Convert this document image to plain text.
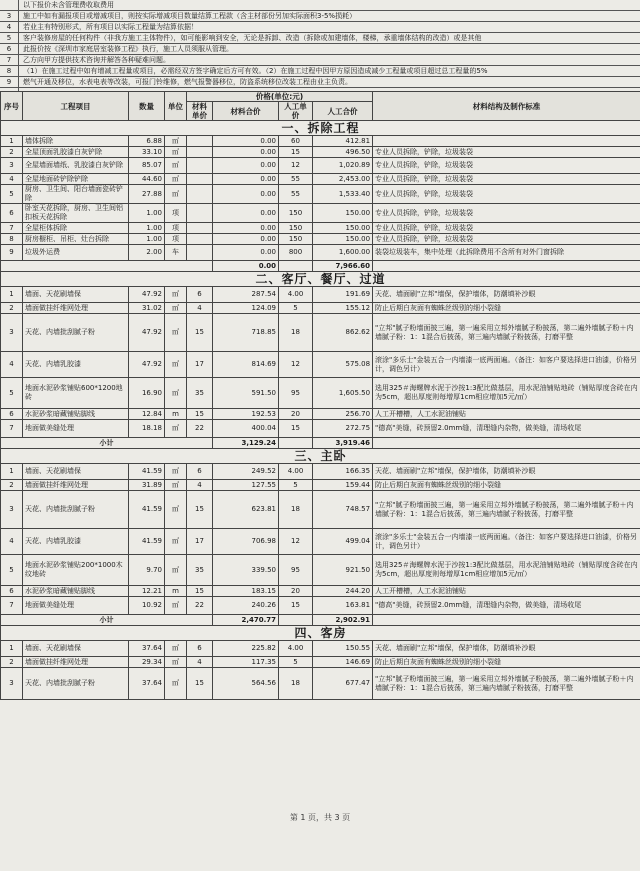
以下报价未含管理费收取费用
3	施工中如有漏报项目或增减项目，则按实际增减项目数量结算工程款（含主材部份另加实际面积3-5%损耗）
4	若业主有特别形式，所有项目以实际工程量为结算依据！
5	客户装修房屋的任何构件（非我方施工主体物件），如可能影响到安全，无论是拆卸、改造（拆除或加建墙体，楼梯，承重墙体结构的改造）或是其他
6	此报价按《深圳市家庭居室装修工程》执行，施工人员须服从管理。
7	乙方向甲方提供技术咨询并解答各种疑难问题。
8	（1）在施工过程中如有增减工程量或项目，必需经双方签字确定后方可有效。（2）在施工过程中因甲方原因造成减少工程量或项目超过总工程量的5%
9	燃气开通及移位，水表电表等改装，可报门铃维修，燃气报警器移位，防盗系统移位改装工程由业主负责。
序号	工程项目	数量	单位	价格(单位:元)				材料结构及制作标准
				材料单价	材料合价	人工单价	人工合价	
一、拆除工程								
1	墙体拆除	6.88	㎡		0.00	60	412.81	
2	全屋顶面乳胶漆白灰铲除	33.10	㎡		0.00	15	496.50	专业人员拆除，铲除，垃圾装袋
3	全屋墙面墙纸、乳胶漆白灰铲除	85.07	㎡		0.00	12	1,020.89	专业人员拆除，铲除，垃圾装袋
4	全屋地面砖铲除铲除	44.60	㎡		0.00	55	2,453.00	专业人员拆除，铲除，垃圾装袋
5	厨房、卫生间、阳台墙面瓷砖铲除	27.88	㎡		0.00	55	1,533.40	专业人员拆除，铲除，垃圾装袋
6	卧室天花拆除，厨房、卫生间铝扣板天花拆除	1.00	项		0.00	150	150.00	专业人员拆除，铲除，垃圾装袋
7	全屋柜体拆除	1.00	项		0.00	150	150.00	专业人员拆除，铲除，垃圾装袋
8	厨房橱柜、吊柜、灶台拆除	1.00	项		0.00	150	150.00	专业人员拆除，铲除，垃圾装袋
9	垃圾外运费	2.00	车		0.00	800	1,600.00	装袋垃圾装车，集中处理（此拆除费用不含所有对外门窗拆除
					0.00		7,966.60	
二、客厅、餐厅、过道								
1	墙面、天花刷墙保	47.92	㎡	6	287.54	4.00	191.69	天花、墙面刷"立邦"墙保，保护墙体，防潮填补沙眼
2	墙面做挂纤维网处理	31.02	㎡	4	124.09	5	155.12	防止后期白灰面有蜘蛛丝级别的细小裂缝
3	天花、内墙批刮腻子粉	47.92	㎡	15	718.85	18	862.62	"立邦"腻子粉墙面披三遍，第一遍采用立邦外墙腻子粉披荡，第二遍外墙腻子粉＋内墙腻子粉：1：1混合后披荡，第三遍内墙腻子粉披荡，打磨平整
4	天花、内墙乳胶漆	47.92	㎡	17	814.69	12	575.08	滚涂"多乐士"金装五合一内墙漆一底两面遍。（备注：如客户要选择进口油漆，价格另计，调色另计）
5	地面水泥砂浆铺贴600*1200地砖	16.90	㎡	35	591.50	95	1,605.50	选用325＃海螺牌水泥于沙按1:3配比做基层，用水泥油铺贴地砖（铺贴厚度含砖在内为5cm，超出厚度则每增厚1cm相应增加5元/㎡）
6	水泥砂浆暗藏铺贴脚线	12.84	m	15	192.53	20	256.70	人工开槽槽，人工水泥油铺贴
7	地面做美缝处理	18.18	㎡	22	400.04	15	272.75	"德高"美缝，砖预留2.0mm缝，清理缝内杂物，做美缝，清场收尾
小计					3,129.24		3,919.46	
三、主卧								
1	墙面、天花刷墙保	41.59	㎡	6	249.52	4.00	166.35	天花、墙面刷"立邦"墙保，保护墙体，防潮填补沙眼
2	墙面做挂纤维网处理	31.89	㎡	4	127.55	5	159.44	防止后期白灰面有蜘蛛丝级别的细小裂缝
3	天花、内墙批刮腻子粉	41.59	㎡	15	623.81	18	748.57	"立邦"腻子粉墙面披三遍，第一遍采用立邦外墙腻子粉披荡，第二遍外墙腻子粉＋内墙腻子粉：1：1混合后披荡，第三遍内墙腻子粉披荡，打磨平整
4	天花、内墙乳胶漆	41.59	㎡	17	706.98	12	499.04	滚涂"多乐士"金装五合一内墙漆一底两面遍。（备注：如客户要选择进口油漆，价格另计，调色另计）
5	地面水泥砂浆铺贴200*1000木纹地砖	9.70	㎡	35	339.50	95	921.50	选用325＃海螺牌水泥于沙按1:3配比做基层，用水泥油铺贴地砖（铺贴厚度含砖在内为5cm，超出厚度则每增厚1cm相应增加5元/㎡）
6	水泥砂浆暗藏铺贴脚线	12.21	m	15	183.15	20	244.20	人工开槽槽，人工水泥油铺贴
7	地面做美缝处理	10.92	㎡	22	240.26	15	163.81	"德高"美缝，砖预留2.0mm缝，清理缝内杂物，做美缝，清场收尾
小计					2,470.77		2,902.91	
四、客房								
1	墙面、天花刷墙保	37.64	㎡	6	225.82	4.00	150.55	天花、墙面刷"立邦"墙保，保护墙体，防潮填补沙眼
2	墙面做挂纤维网处理	29.34	㎡	4	117.35	5	146.69	防止后期白灰面有蜘蛛丝级别的细小裂缝
3	天花、内墙批刮腻子粉	37.64	㎡	15	564.56	18	677.47	"立邦"腻子粉墙面披三遍，第一遍采用立邦外墙腻子粉披荡，第二遍外墙腻子粉＋内墙腻子粉：1：1混合后披荡，第三遍内墙腻子粉披荡，打磨平整
第 1 页，共 3 页
